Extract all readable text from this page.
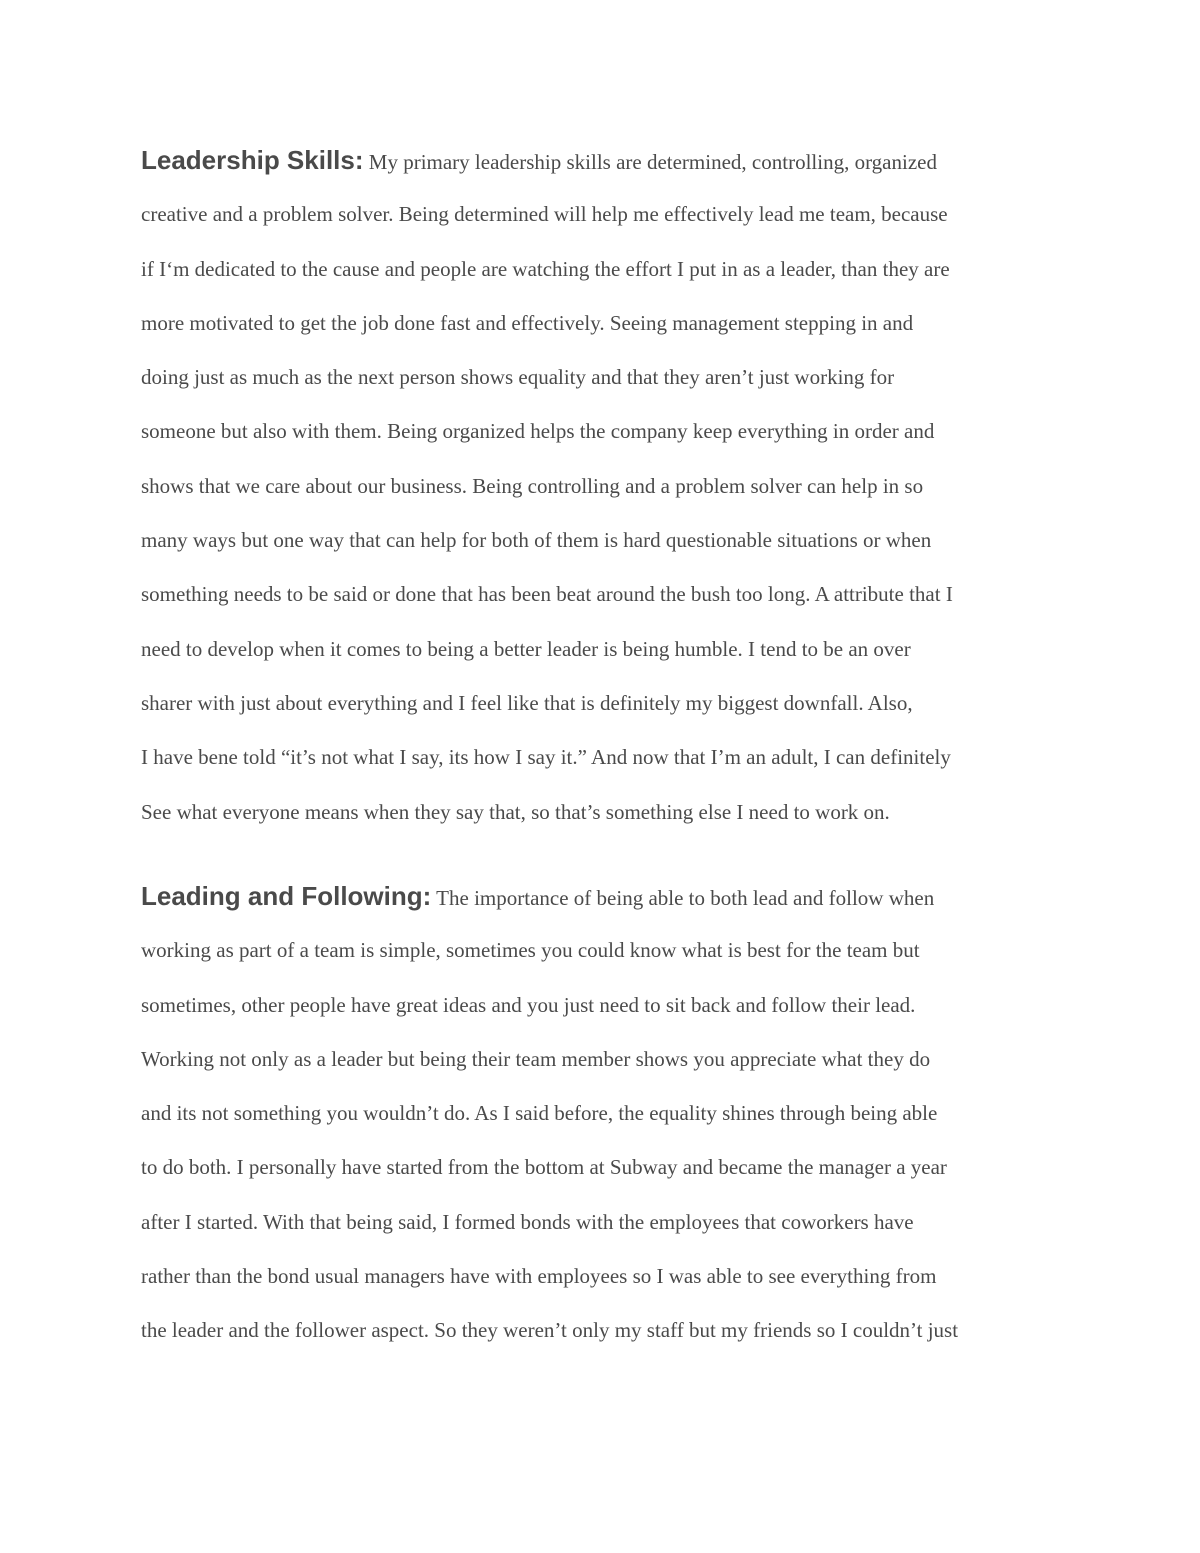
Leadership Skills: My primary leadership skills are determined, controlling, organized
creative and a problem solver. Being determined will help me effectively lead me team, because
if I‘m dedicated to the cause and people are watching the effort I put in as a leader, than they are
more motivated to get the job done fast and effectively. Seeing management stepping in and
doing just as much as the next person shows equality and that they aren’t just working for
someone but also with them. Being organized helps the company keep everything in order and
shows that we care about our business. Being controlling and a problem solver can help in so
many ways but one way that can help for both of them is hard questionable situations or when
something needs to be said or done that has been beat around the bush too long. A attribute that I
need to develop when it comes to being a better leader is being humble. I tend to be an over
sharer with just about everything and I feel like that is definitely my biggest downfall. Also,
I have bene told “it’s not what I say, its how I say it.” And now that I’m an adult, I can definitely
See what everyone means when they say that, so that’s something else I need to work on.
Leading and Following: The importance of being able to both lead and follow when
working as part of a team is simple, sometimes you could know what is best for the team but
sometimes, other people have great ideas and you just need to sit back and follow their lead.
Working not only as a leader but being their team member shows you appreciate what they do
and its not something you wouldn’t do. As I said before, the equality shines through being able
to do both. I personally have started from the bottom at Subway and became the manager a year
after I started. With that being said, I formed bonds with the employees that coworkers have
rather than the bond usual managers have with employees so I was able to see everything from
the leader and the follower aspect. So they weren’t only my staff but my friends so I couldn’t just
